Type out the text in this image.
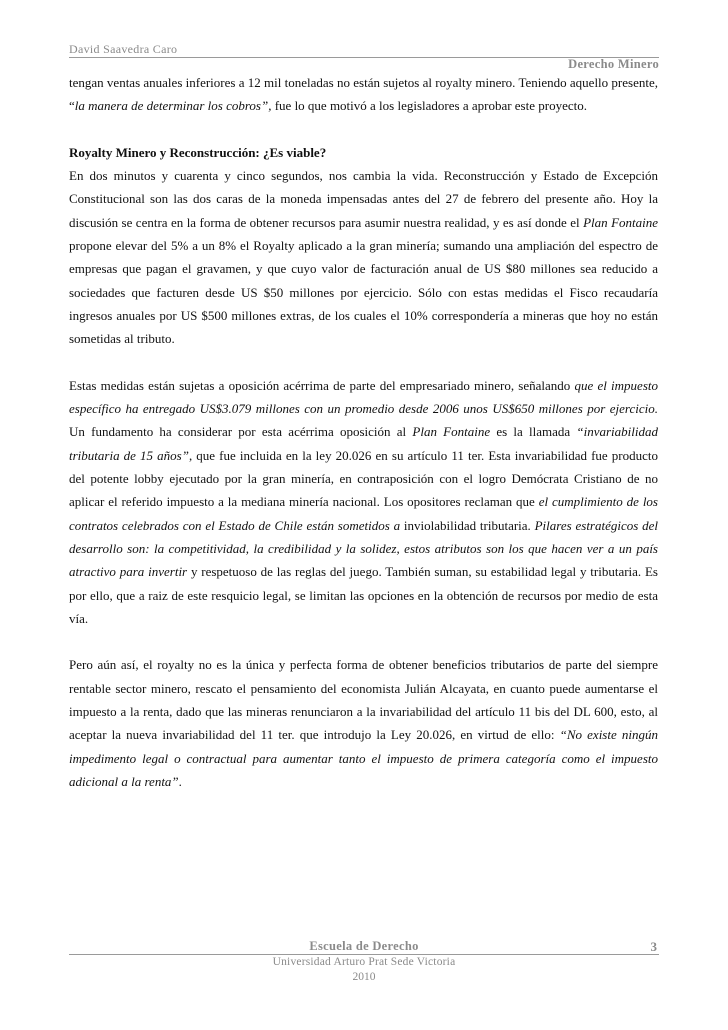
David Saavedra Caro
Derecho Minero

tengan ventas anuales inferiores a 12 mil toneladas no están sujetos al royalty minero. Teniendo aquello presente, “la manera de determinar los cobros”, fue lo que motivó a los legisladores a aprobar este proyecto.

Royalty Minero y Reconstrucción: ¿Es viable?

En dos minutos y cuarenta y cinco segundos, nos cambia la vida. Reconstrucción y Estado de Excepción Constitucional son las dos caras de la moneda impensadas antes del 27 de febrero del presente año. Hoy la discusión se centra en la forma de obtener recursos para asumir nuestra realidad, y es así donde el Plan Fontaine propone elevar del 5% a un 8% el Royalty aplicado a la gran minería; sumando una ampliación del espectro de empresas que pagan el gravamen, y que cuyo valor de facturación anual de US $80 millones sea reducido a sociedades que facturen desde US $50 millones por ejercicio. Sólo con estas medidas el Fisco recaudaría ingresos anuales por US $500 millones extras, de los cuales el 10% correspondería a mineras que hoy no están sometidas al tributo.

Estas medidas están sujetas a oposición acérrima de parte del empresariado minero, señalando que el impuesto específico ha entregado US$3.079 millones con un promedio desde 2006 unos US$650 millones por ejercicio. Un fundamento ha considerar por esta acérrima oposición al Plan Fontaine es la llamada “invariabilidad tributaria de 15 años”, que fue incluida en la ley 20.026 en su artículo 11 ter. Esta invariabilidad fue producto del potente lobby ejecutado por la gran minería, en contraposición con el logro Demócrata Cristiano de no aplicar el referido impuesto a la mediana minería nacional. Los opositores reclaman que el cumplimiento de los contratos celebrados con el Estado de Chile están sometidos a inviolabilidad tributaria. Pilares estratégicos del desarrollo son: la competitividad, la credibilidad y la solidez, estos atributos son los que hacen ver a un país atractivo para invertir y respetuoso de las reglas del juego. También suman, su estabilidad legal y tributaria. Es por ello, que a raiz de este resquicio legal, se limitan las opciones en la obtención de recursos por medio de esta vía.

Pero aún así, el royalty no es la única y perfecta forma de obtener beneficios tributarios de parte del siempre rentable sector minero, rescato el pensamiento del economista Julián Alcayata, en cuanto puede aumentarse el impuesto a la renta, dado que las mineras renunciaron a la invariabilidad del artículo 11 bis del DL 600, esto, al aceptar la nueva invariabilidad del 11 ter. que introdujo la Ley 20.026, en virtud de ello: “No existe ningún impedimento legal o contractual para aumentar tanto el impuesto de primera categoría como el impuesto adicional a la renta”.

Escuela de Derecho	3
Universidad Arturo Prat Sede Victoria
2010
